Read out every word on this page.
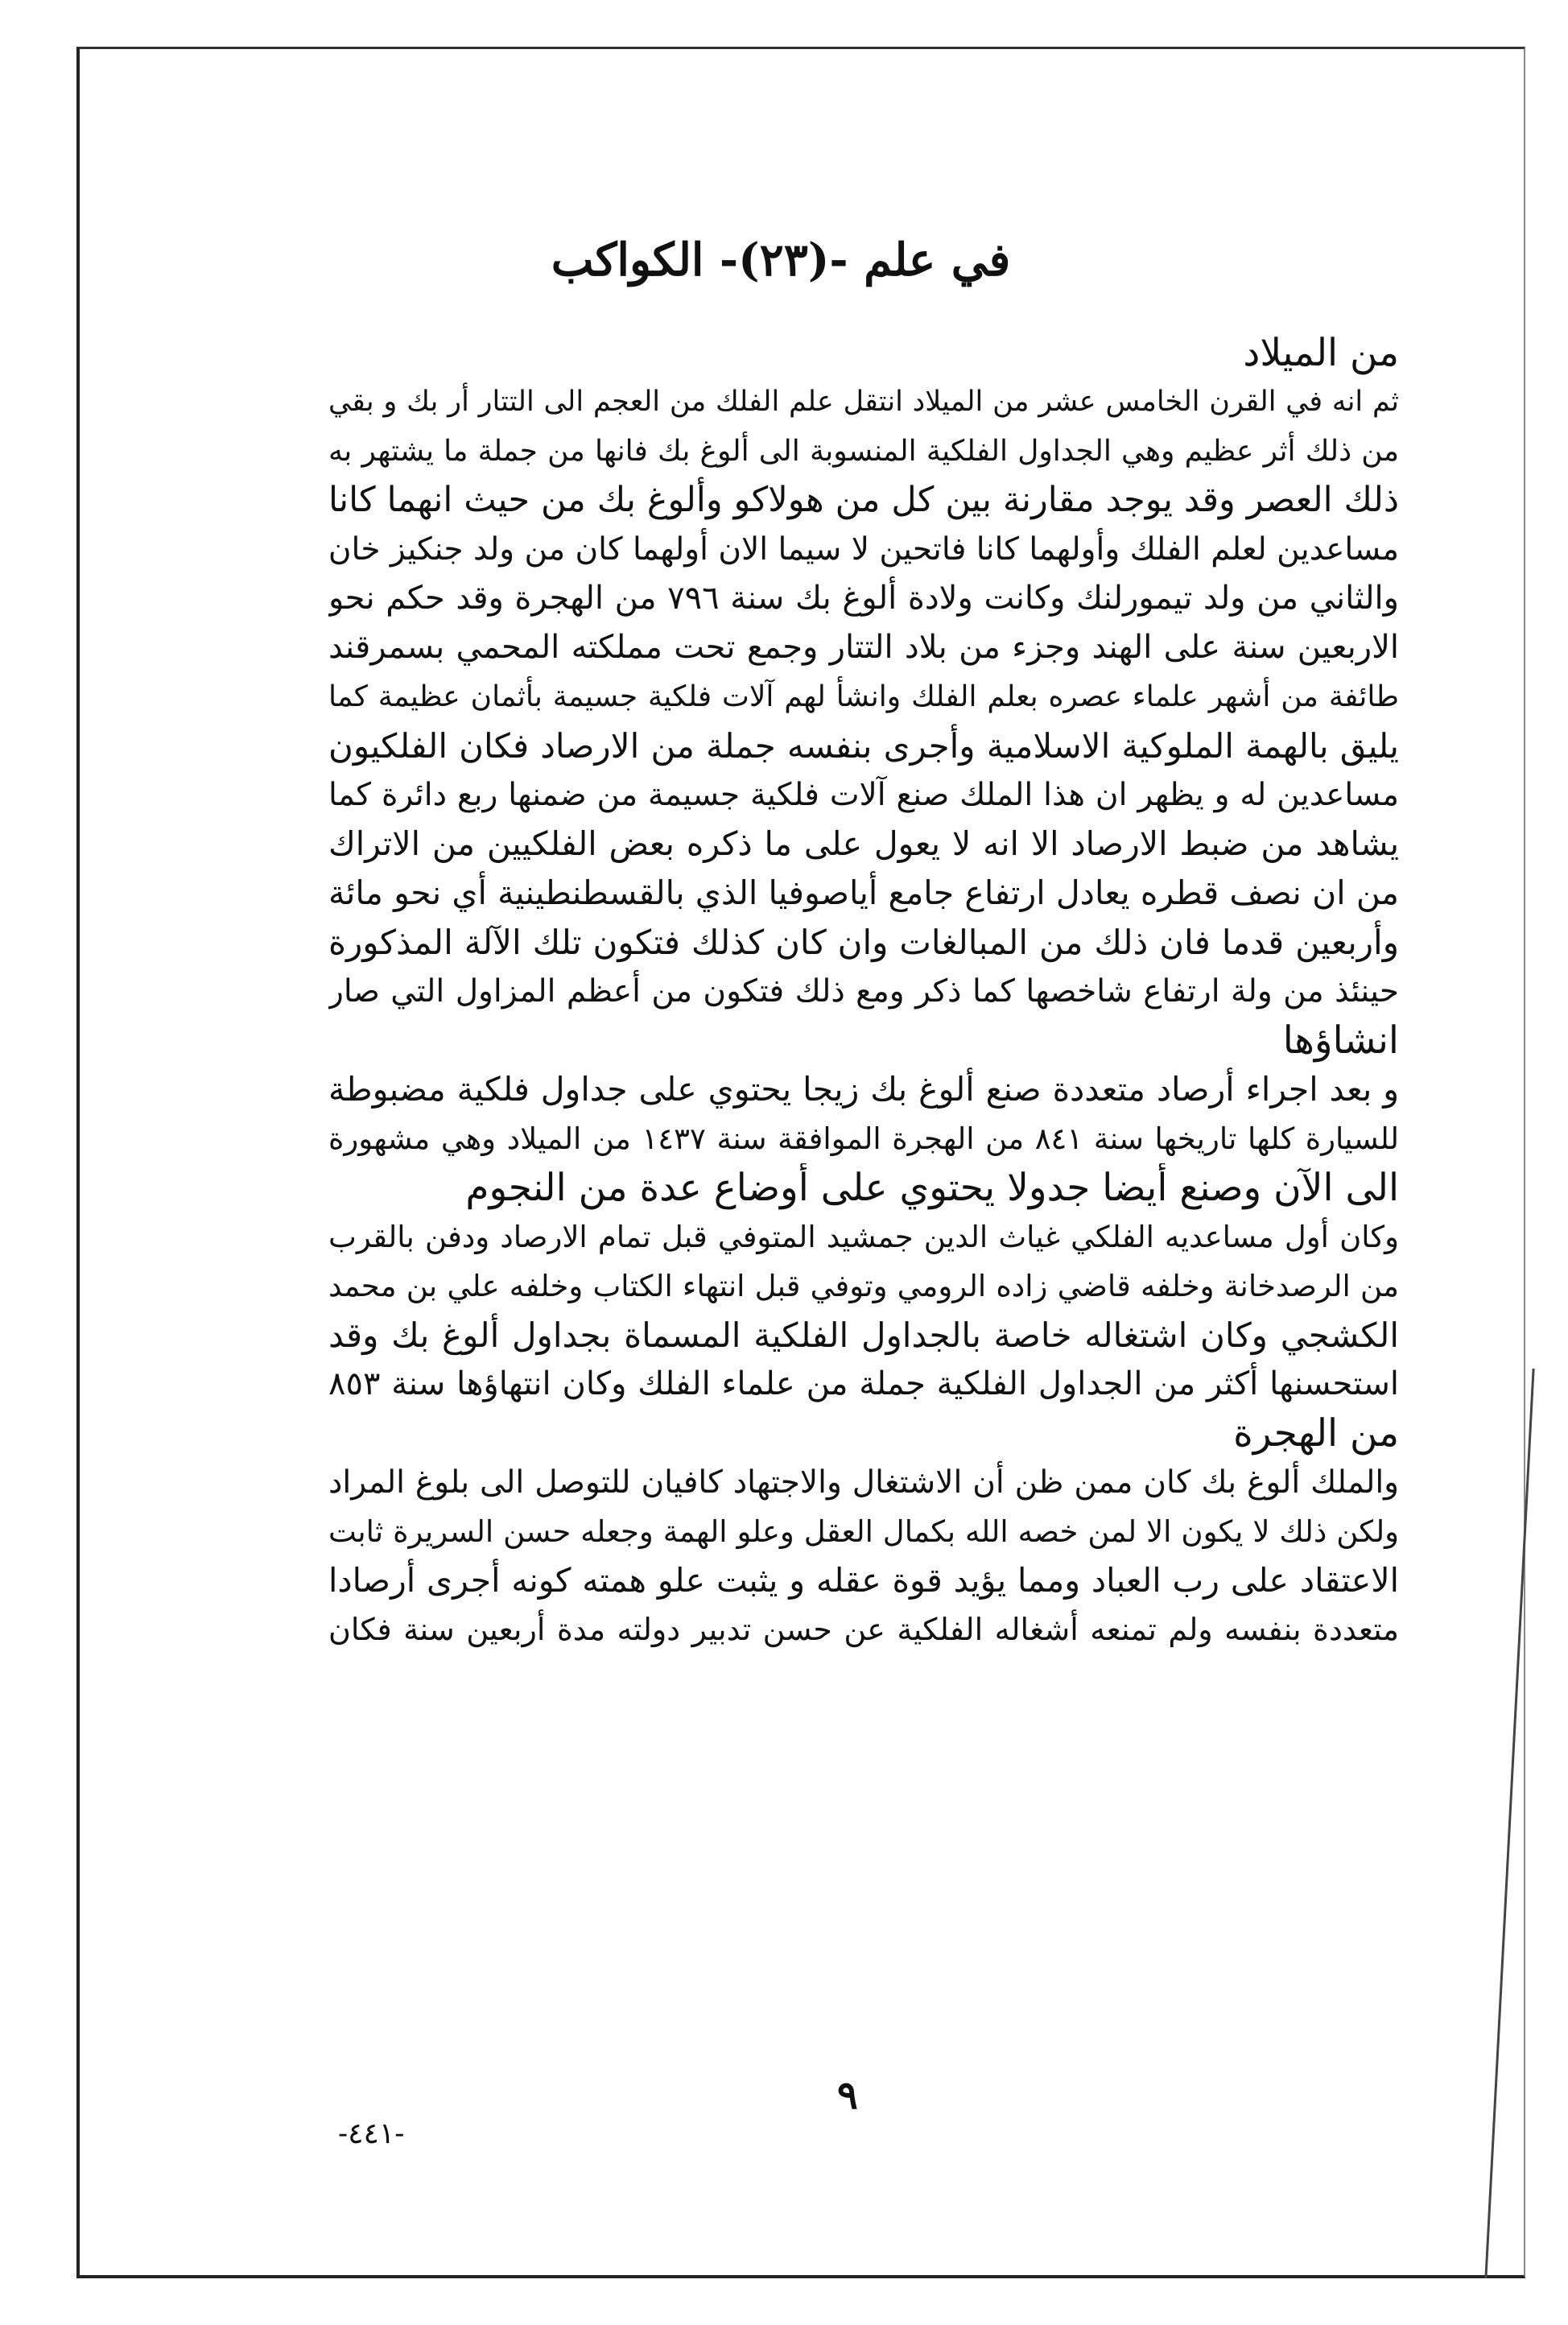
في علم -(٢٣)- الكواكب
من الميلاد
ثم انه في القرن الخامس عشر من الميلاد انتقل علم الفلك من العجم الى التتار أر بك و بقي
من ذلك أثر عظيم وهي الجداول الفلكية المنسوبة الى ألوغ بك فانها من جملة ما يشتهر به
ذلك العصر وقد يوجد مقارنة بين كل من هولاكو وألوغ بك من حيث انهما كانا
مساعدين لعلم الفلك وأولهما كانا فاتحين لا سيما الان أولهما كان من ولد جنكيز خان
والثاني من ولد تيمورلنك وكانت ولادة ألوغ بك سنة ٧٩٦ من الهجرة وقد حكم نحو
الاربعين سنة على الهند وجزء من بلاد التتار وجمع تحت مملكته المحمي بسمرقند
طائفة من أشهر علماء عصره بعلم الفلك وانشأ لهم آلات فلكية جسيمة بأثمان عظيمة كما
يليق بالهمة الملوكية الاسلامية وأجرى بنفسه جملة من الارصاد فكان الفلكيون
مساعدين له و يظهر ان هذا الملك صنع آلات فلكية جسيمة من ضمنها ربع دائرة كما
يشاهد من ضبط الارصاد الا انه لا يعول على ما ذكره بعض الفلكيين من الاتراك
من ان نصف قطره يعادل ارتفاع جامع أياصوفيا الذي بالقسطنطينية أي نحو مائة
وأربعين قدما فان ذلك من المبالغات وان كان كذلك فتكون تلك الآلة المذكورة
حينئذ من ولة ارتفاع شاخصها كما ذكر ومع ذلك فتكون من أعظم المزاول التي صار
انشاؤها
و بعد اجراء أرصاد متعددة صنع ألوغ بك زيجا يحتوي على جداول فلكية مضبوطة
للسيارة كلها تاريخها سنة ٨٤١ من الهجرة الموافقة سنة ١٤٣٧ من الميلاد وهي مشهورة
الى الآن وصنع أيضا جدولا يحتوي على أوضاع عدة من النجوم
وكان أول مساعديه الفلكي غياث الدين جمشيد المتوفي قبل تمام الارصاد ودفن بالقرب
من الرصدخانة وخلفه قاضي زاده الرومي وتوفي قبل انتهاء الكتاب وخلفه علي بن محمد
الكشجي وكان اشتغاله خاصة بالجداول الفلكية المسماة بجداول ألوغ بك وقد
استحسنها أكثر من الجداول الفلكية جملة من علماء الفلك وكان انتهاؤها سنة ٨٥٣
من الهجرة
والملك ألوغ بك كان ممن ظن أن الاشتغال والاجتهاد كافيان للتوصل الى بلوغ المراد
ولكن ذلك لا يكون الا لمن خصه الله بكمال العقل وعلو الهمة وجعله حسن السريرة ثابت
الاعتقاد على رب العباد ومما يؤيد قوة عقله و يثبت علو همته كونه أجرى أرصادا
متعددة بنفسه ولم تمنعه أشغاله الفلكية عن حسن تدبير دولته مدة أربعين سنة فكان
٩
-٤٤١-
